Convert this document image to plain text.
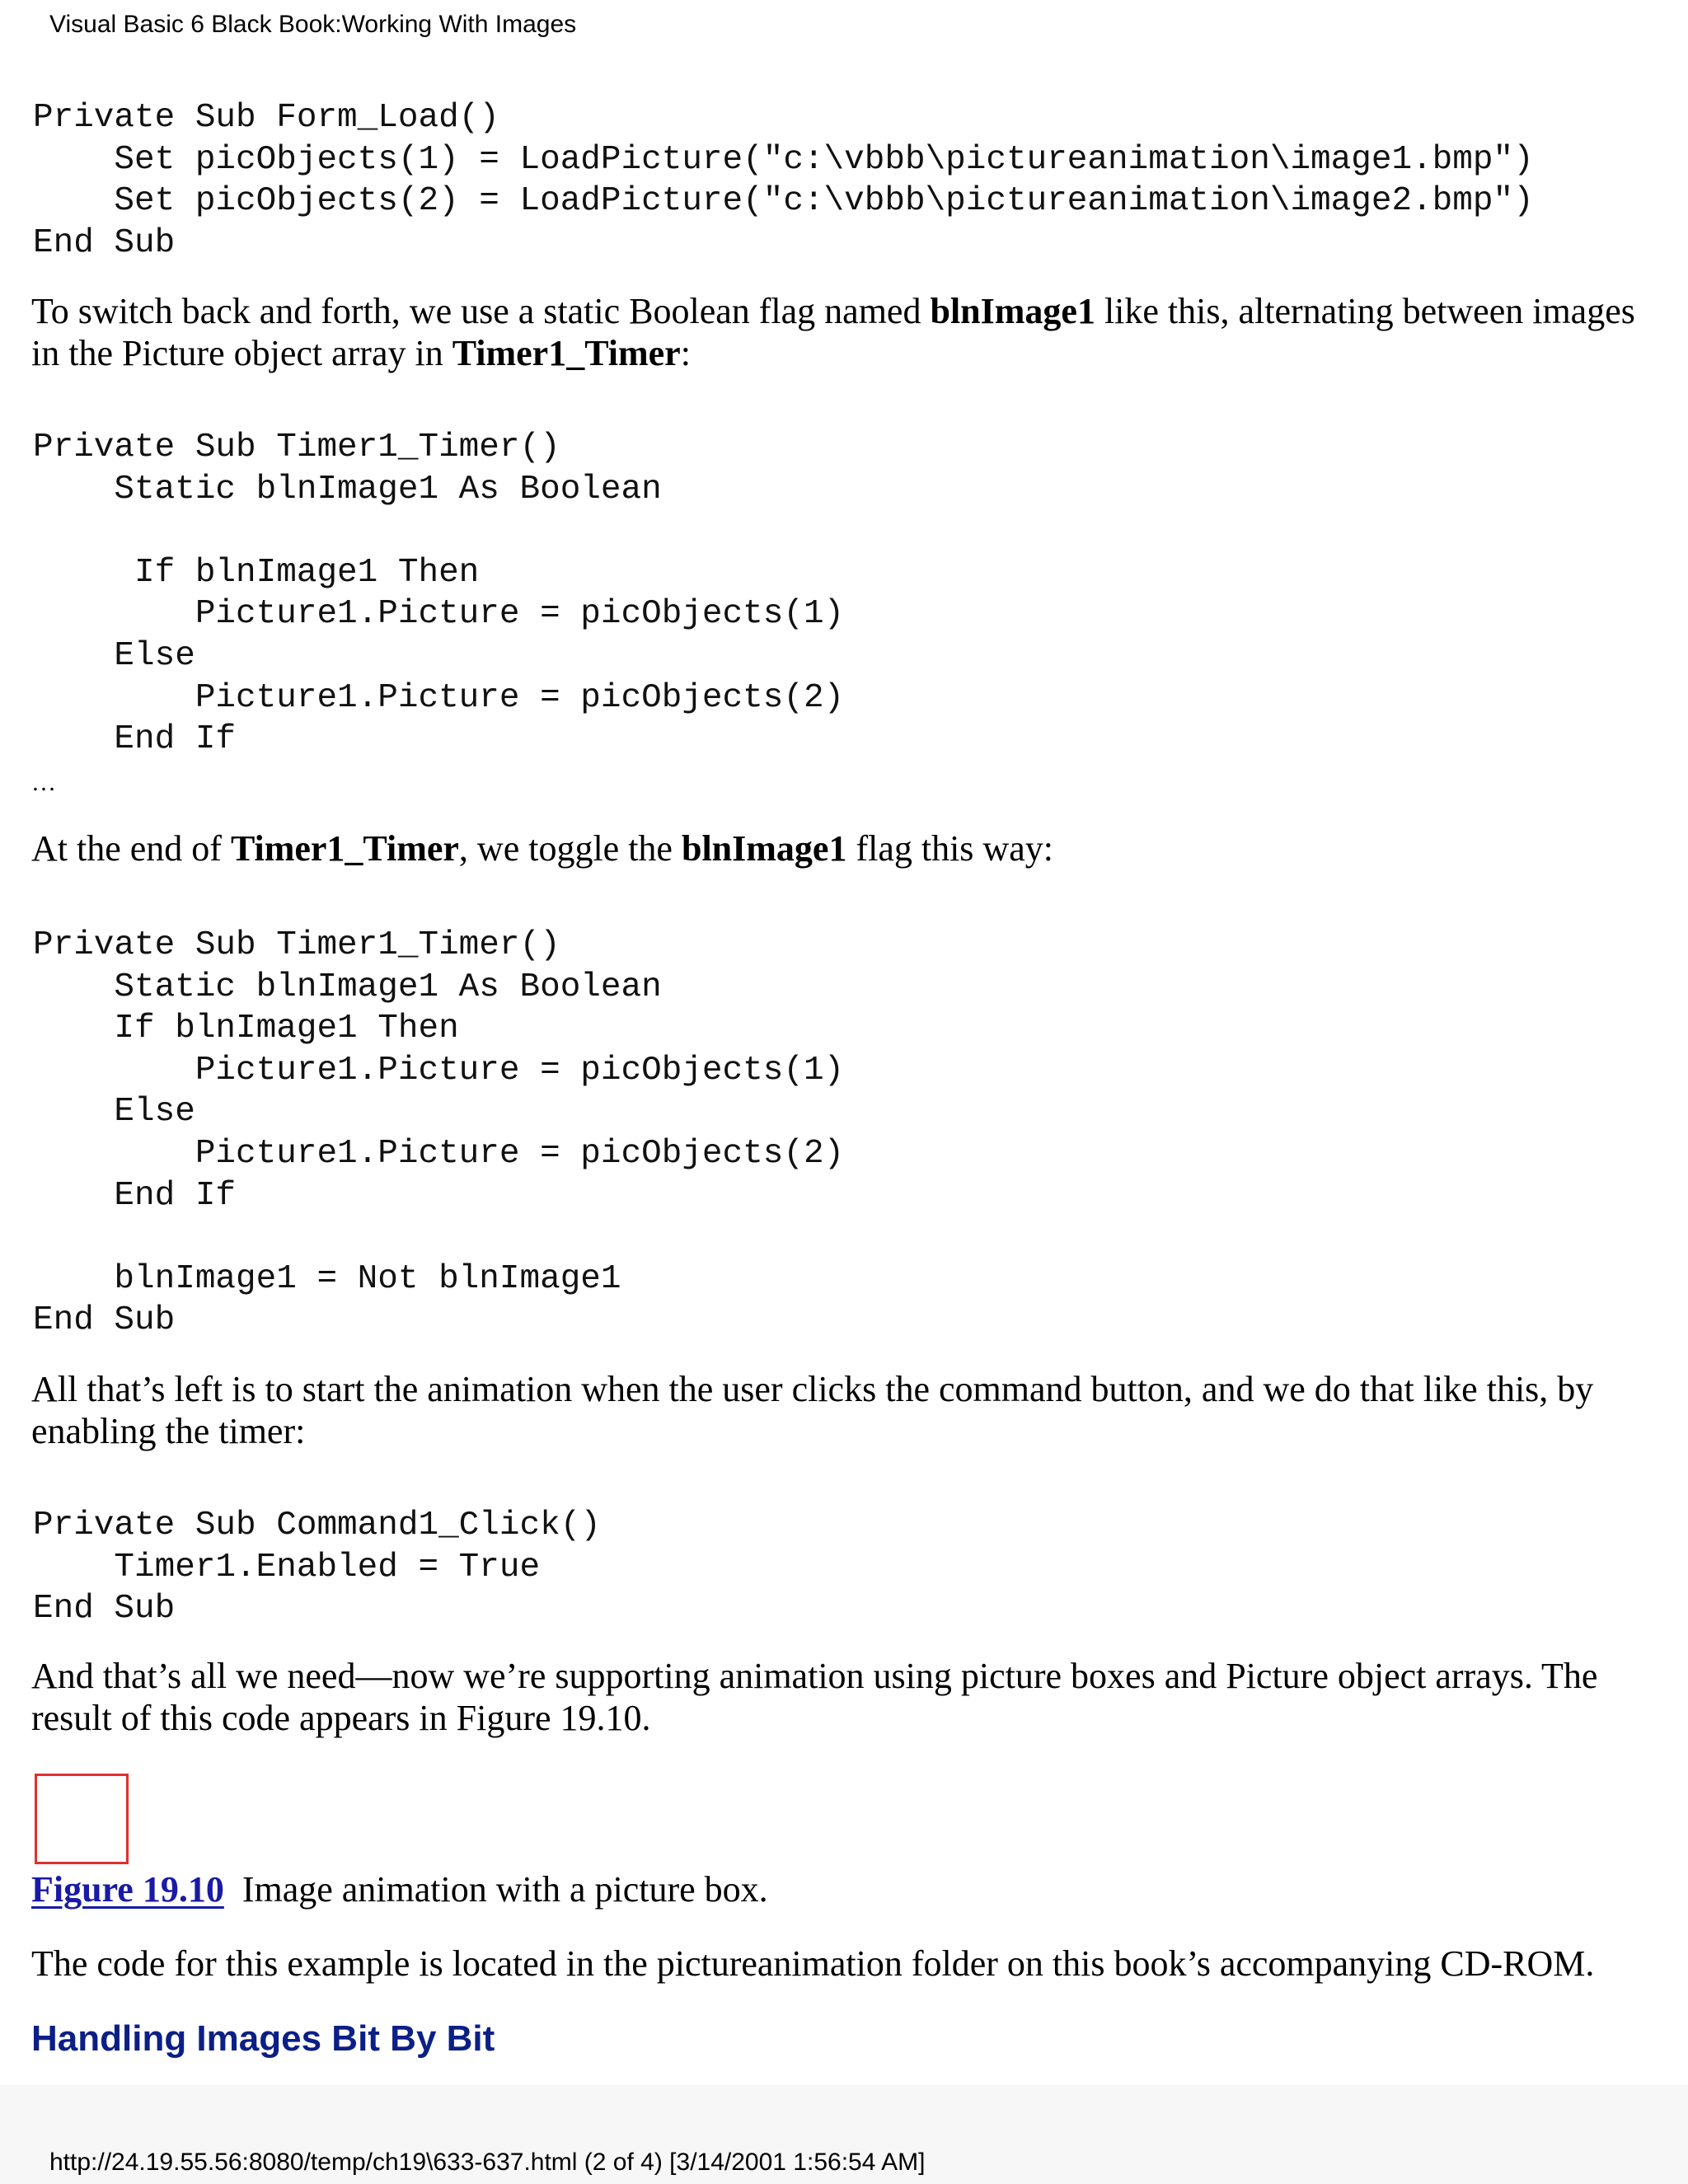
Visual Basic 6 Black Book:Working With Images
Private Sub Form_Load()
Set picObjects(1) = LoadPicture("c:\vbbb\pictureanimation\image1.bmp")
Set picObjects(2) = LoadPicture("c:\vbbb\pictureanimation\image2.bmp")
End Sub

To switch back and forth, we use a static Boolean flag named blnImage1 like this, alternating between images in the Picture object array in Timer1_Timer:

Private Sub Timer1_Timer()
Static blnImage1 As Boolean

If blnImage1 Then
Picture1.Picture = picObjects(1)
Else
Picture1.Picture = picObjects(2)
End If
…

At the end of Timer1_Timer, we toggle the blnImage1 flag this way:

Private Sub Timer1_Timer()
Static blnImage1 As Boolean
If blnImage1 Then
Picture1.Picture = picObjects(1)
Else
Picture1.Picture = picObjects(2)
End If

blnImage1 = Not blnImage1
End Sub

All that’s left is to start the animation when the user clicks the command button, and we do that like this, by enabling the timer:

Private Sub Command1_Click()
Timer1.Enabled = True
End Sub

And that’s all we need—now we’re supporting animation using picture boxes and Picture object arrays. The result of this code appears in Figure 19.10.

Figure 19.10  Image animation with a picture box.

The code for this example is located in the pictureanimation folder on this book’s accompanying CD-ROM.

Handling Images Bit By Bit
http://24.19.55.56:8080/temp/ch19\633-637.html (2 of 4) [3/14/2001 1:56:54 AM]
